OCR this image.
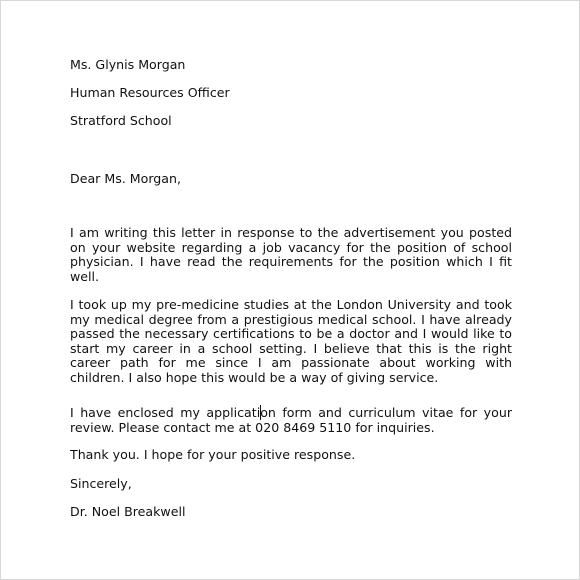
Ms. Glynis Morgan
Human Resources Officer
Stratford School
Dear Ms. Morgan,

I am writing this letter in response to the advertisement you posted on your website regarding a job vacancy for the position of school physician. I have read the requirements for the position which I fit well.

I took up my pre-medicine studies at the London University and took my medical degree from a prestigious medical school. I have already passed the necessary certifications to be a doctor and I would like to start my career in a school setting. I believe that this is the right career path for me since I am passionate about working with children. I also hope this would be a way of giving service.

I have enclosed my application form and curriculum vitae for your review. Please contact me at 020 8469 5110 for inquiries.

Thank you. I hope for your positive response.

Sincerely,
Dr. Noel Breakwell
